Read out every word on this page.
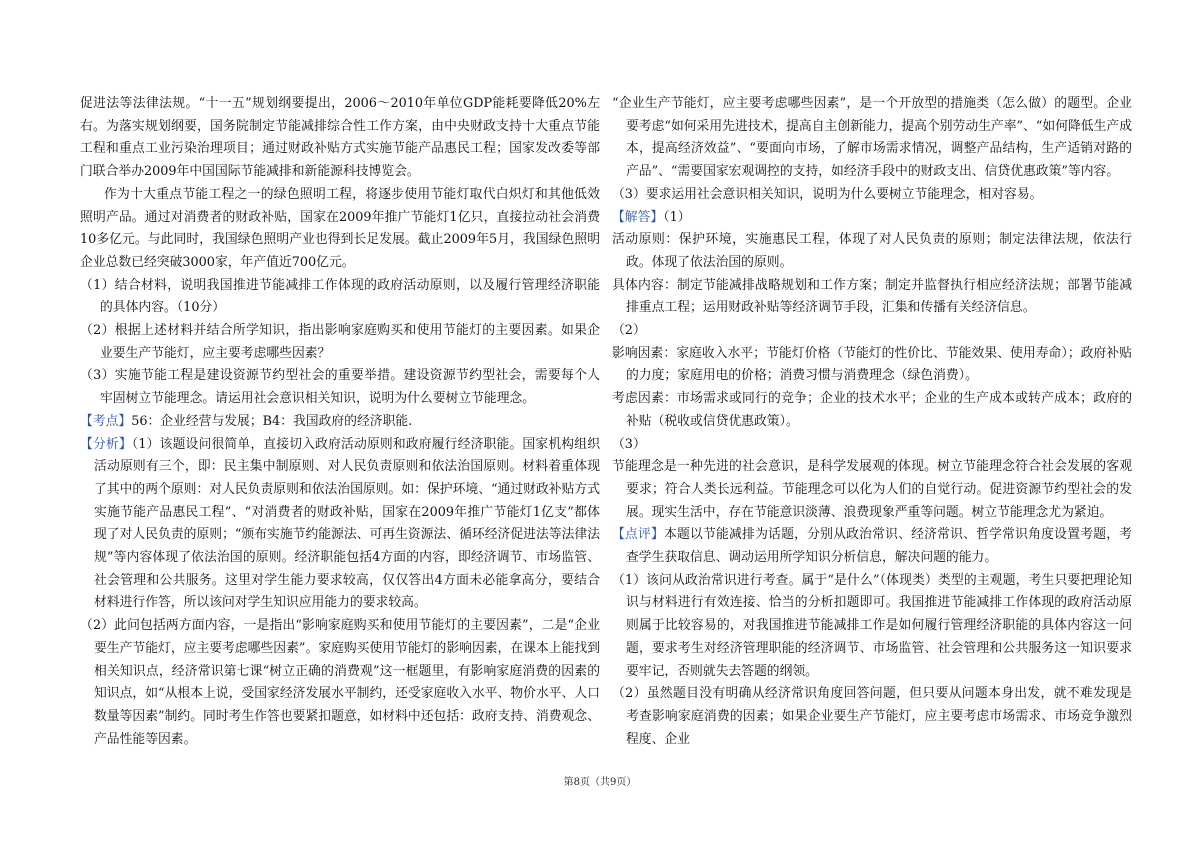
促进法等法律法规。“十一五”规划纲要提出，2006～2010年单位GDP能耗要降低20%左右。为落实规划纲要，国务院制定节能减排综合性工作方案，由中央财政支持十大重点节能工程和重点工业污染治理项目；通过财政补贴方式实施节能产品惠民工程；国家发改委等部门联合举办2009年中国国际节能减排和新能源科技博览会。

作为十大重点节能工程之一的绿色照明工程，将逐步使用节能灯取代白炽灯和其他低效照明产品。通过对消费者的财政补贴，国家在2009年推广节能灯1亿只，直接拉动社会消费10多亿元。与此同时，我国绿色照明产业也得到长足发展。截止2009年5月，我国绿色照明企业总数已经突破3000家，年产值近700亿元。

（1）结合材料，说明我国推进节能减排工作体现的政府活动原则，以及履行管理经济职能的具体内容。（10分）

（2）根据上述材料并结合所学知识，指出影响家庭购买和使用节能灯的主要因素。如果企业要生产节能灯，应主要考虑哪些因素？

（3）实施节能工程是建设资源节约型社会的重要举措。建设资源节约型社会，需要每个人牢固树立节能理念。请运用社会意识相关知识，说明为什么要树立节能理念。

【考点】56：企业经营与发展；B4：我国政府的经济职能.

【分析】（1）该题设问很简单，直接切入政府活动原则和政府履行经济职能。国家机构组织活动原则有三个，即：民主集中制原则、对人民负责原则和依法治国原则。材料着重体现了其中的两个原则：对人民负责原则和依法治国原则。如：保护环境、“通过财政补贴方式实施节能产品惠民工程”、“对消费者的财政补贴，国家在2009年推广节能灯1亿支”都体现了对人民负责的原则；“颁布实施节约能源法、可再生资源法、循环经济促进法等法律法规”等内容体现了依法治国的原则。经济职能包括4方面的内容，即经济调节、市场监管、社会管理和公共服务。这里对学生能力要求较高，仅仅答出4方面未必能拿高分，要结合材料进行作答，所以该问对学生知识应用能力的要求较高。

（2）此问包括两方面内容，一是指出“影响家庭购买和使用节能灯的主要因素”，二是“企业要生产节能灯，应主要考虑哪些因素”。家庭购买使用节能灯的影响因素，在课本上能找到相关知识点，经济常识第七课“树立正确的消费观”这一框题里，有影响家庭消费的因素的知识点，如“从根本上说，受国家经济发展水平制约，还受家庭收入水平、物价水平、人口数量等因素”制约。同时考生作答也要紧扣题意，如材料中还包括：政府支持、消费观念、产品性能等因素。

“企业生产节能灯，应主要考虑哪些因素”，是一个开放型的措施类（怎么做）的题型。企业要考虑“如何采用先进技术，提高自主创新能力，提高个别劳动生产率”、“如何降低生产成本，提高经济效益”、“要面向市场，了解市场需求情况，调整产品结构，生产适销对路的产品”、“需要国家宏观调控的支持，如经济手段中的财政支出、信贷优惠政策”等内容。

（3）要求运用社会意识相关知识，说明为什么要树立节能理念，相对容易。

【解答】（1）

活动原则：保护环境，实施惠民工程，体现了对人民负责的原则；制定法律法规，依法行政。体现了依法治国的原则。

具体内容：制定节能减排战略规划和工作方案；制定并监督执行相应经济法规；部署节能减排重点工程；运用财政补贴等经济调节手段，汇集和传播有关经济信息。

（2）

影响因素：家庭收入水平；节能灯价格（节能灯的性价比、节能效果、使用寿命）；政府补贴的力度；家庭用电的价格；消费习惯与消费理念（绿色消费）。

考虑因素：市场需求或同行的竞争；企业的技术水平；企业的生产成本或转产成本；政府的补贴（税收或信贷优惠政策）。

（3）

节能理念是一种先进的社会意识，是科学发展观的体现。树立节能理念符合社会发展的客观要求；符合人类长远利益。节能理念可以化为人们的自觉行动。促进资源节约型社会的发展。现实生活中，存在节能意识淡薄、浪费现象严重等问题。树立节能理念尤为紧迫。

【点评】本题以节能减排为话题，分别从政治常识、经济常识、哲学常识角度设置考题，考查学生获取信息、调动运用所学知识分析信息，解决问题的能力。

（1）该问从政治常识进行考查。属于“是什么”（体现类）类型的主观题，考生只要把理论知识与材料进行有效连接、恰当的分析扣题即可。我国推进节能减排工作体现的政府活动原则属于比较容易的，对我国推进节能减排工作是如何履行管理经济职能的具体内容这一问题，要求考生对经济管理职能的经济调节、市场监管、社会管理和公共服务这一知识要求要牢记，否则就失去答题的纲领。

（2）虽然题目没有明确从经济常识角度回答问题，但只要从问题本身出发，就不难发现是考查影响家庭消费的因素；如果企业要生产节能灯，应主要考虑市场需求、市场竞争激烈程度、企业

第8页（共9页）
